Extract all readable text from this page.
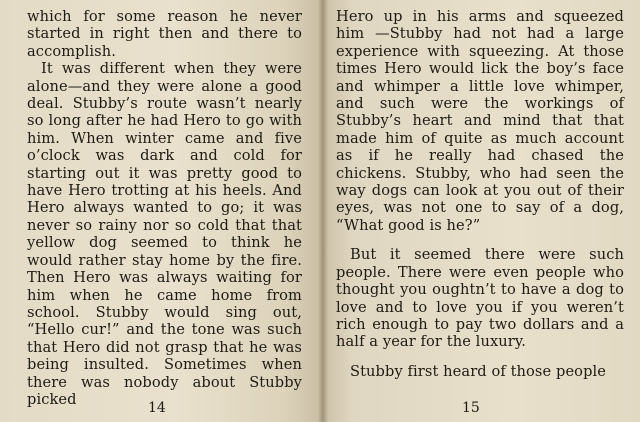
which for some reason he never started in right then and there to accomplish.

It was different when they were alone—and they were alone a good deal. Stubby’s route wasn’t nearly so long after he had Hero to go with him. When winter came and five o’clock was dark and cold for starting out it was pretty good to have Hero trotting at his heels. And Hero always wanted to go; it was never so rainy nor so cold that that yellow dog seemed to think he would rather stay home by the fire. Then Hero was always waiting for him when he came home from school. Stubby would sing out, “Hello cur!” and the tone was such that Hero did not grasp that he was being insulted. Sometimes when there was nobody about Stubby picked

14

Hero up in his arms and squeezed him —Stubby had not had a large experience with squeezing. At those times Hero would lick the boy’s face and whimper a little love whimper, and such were the workings of Stubby’s heart and mind that that made him of quite as much account as if he really had chased the chickens. Stubby, who had seen the way dogs can look at you out of their eyes, was not one to say of a dog, “What good is he?”

But it seemed there were such people. There were even people who thought you oughtn’t to have a dog to love and to love you if you weren’t rich enough to pay two dollars and a half a year for the luxury.

Stubby first heard of those people

15
